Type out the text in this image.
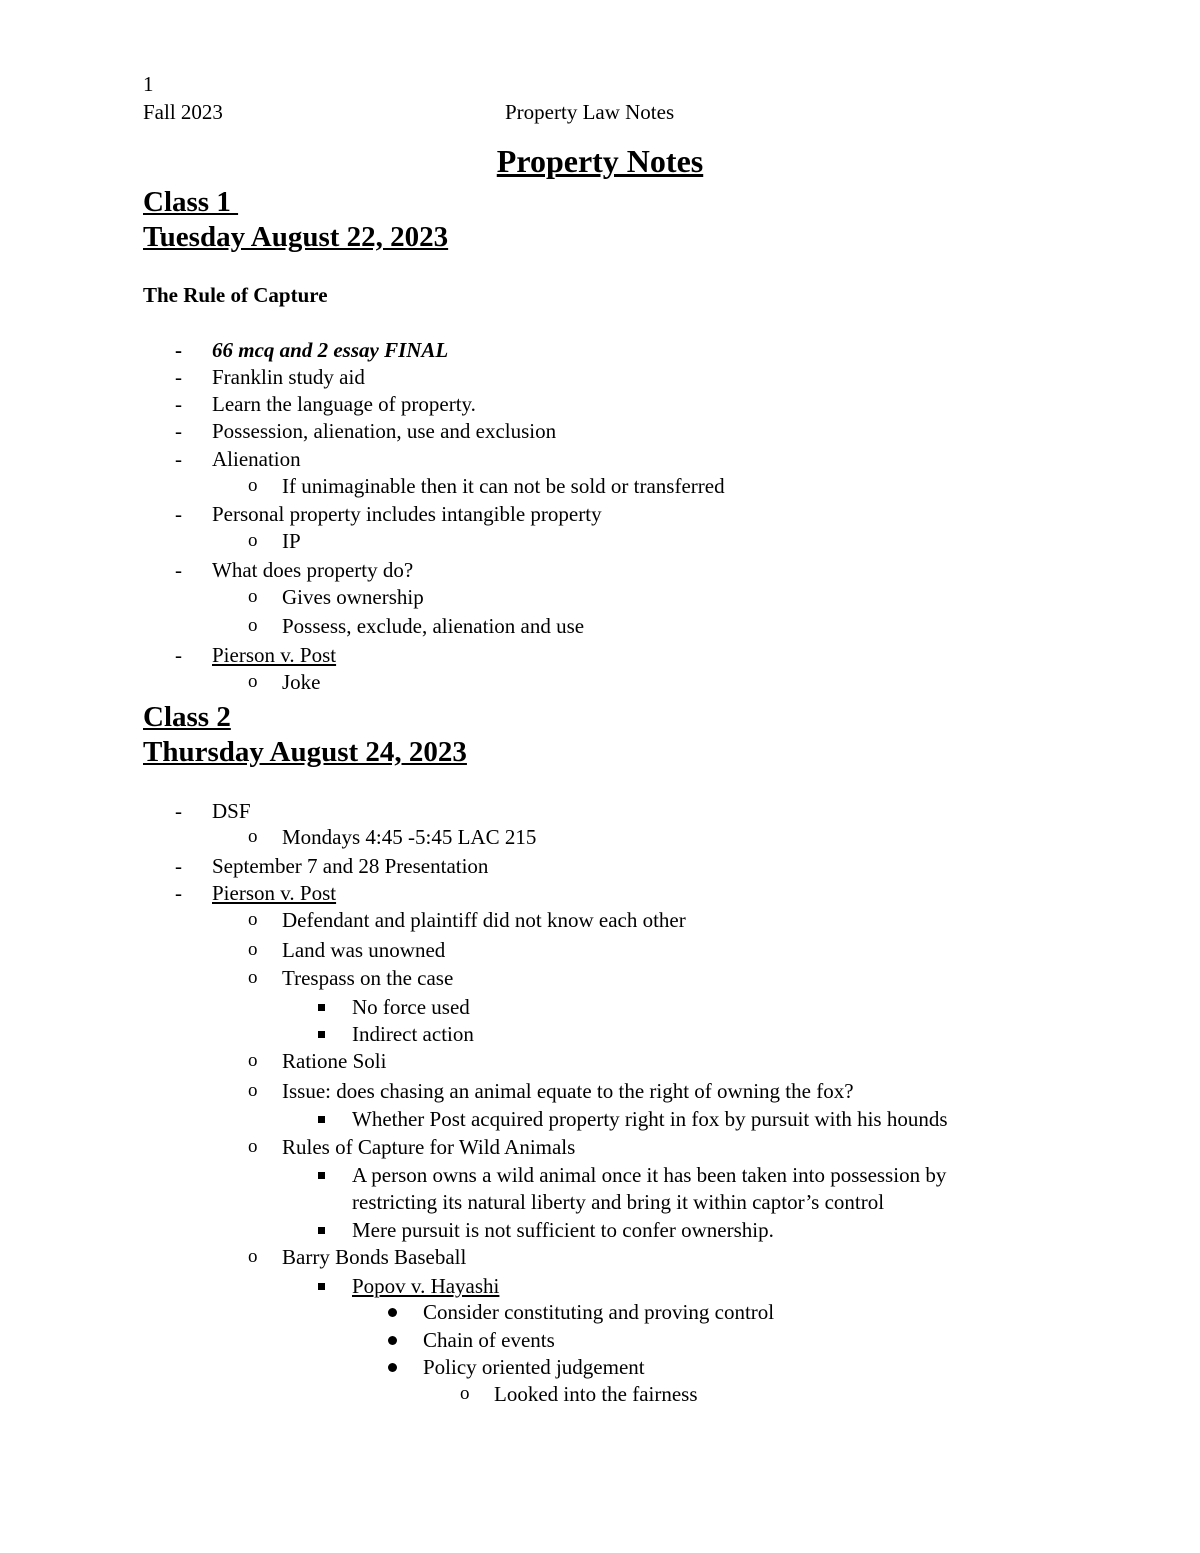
1
Fall 2023	Property Law Notes
Property Notes
Class 1
Tuesday August 22, 2023
The Rule of Capture
- 66 mcq and 2 essay FINAL
- Franklin study aid
- Learn the language of property.
- Possession, alienation, use and exclusion
- Alienation
o If unimaginable then it can not be sold or transferred
- Personal property includes intangible property
o IP
- What does property do?
o Gives ownership
o Possess, exclude, alienation and use
- Pierson v. Post
o Joke
Class 2
Thursday August 24, 2023
- DSF
o Mondays 4:45 -5:45 LAC 215
- September 7 and 28 Presentation
- Pierson v. Post
o Defendant and plaintiff did not know each other
o Land was unowned
o Trespass on the case
No force used
Indirect action
o Ratione Soli
o Issue: does chasing an animal equate to the right of owning the fox?
Whether Post acquired property right in fox by pursuit with his hounds
o Rules of Capture for Wild Animals
A person owns a wild animal once it has been taken into possession by
restricting its natural liberty and bring it within captor’s control
Mere pursuit is not sufficient to confer ownership.
o Barry Bonds Baseball
Popov v. Hayashi
Consider constituting and proving control
Chain of events
Policy oriented judgement
o Looked into the fairness
